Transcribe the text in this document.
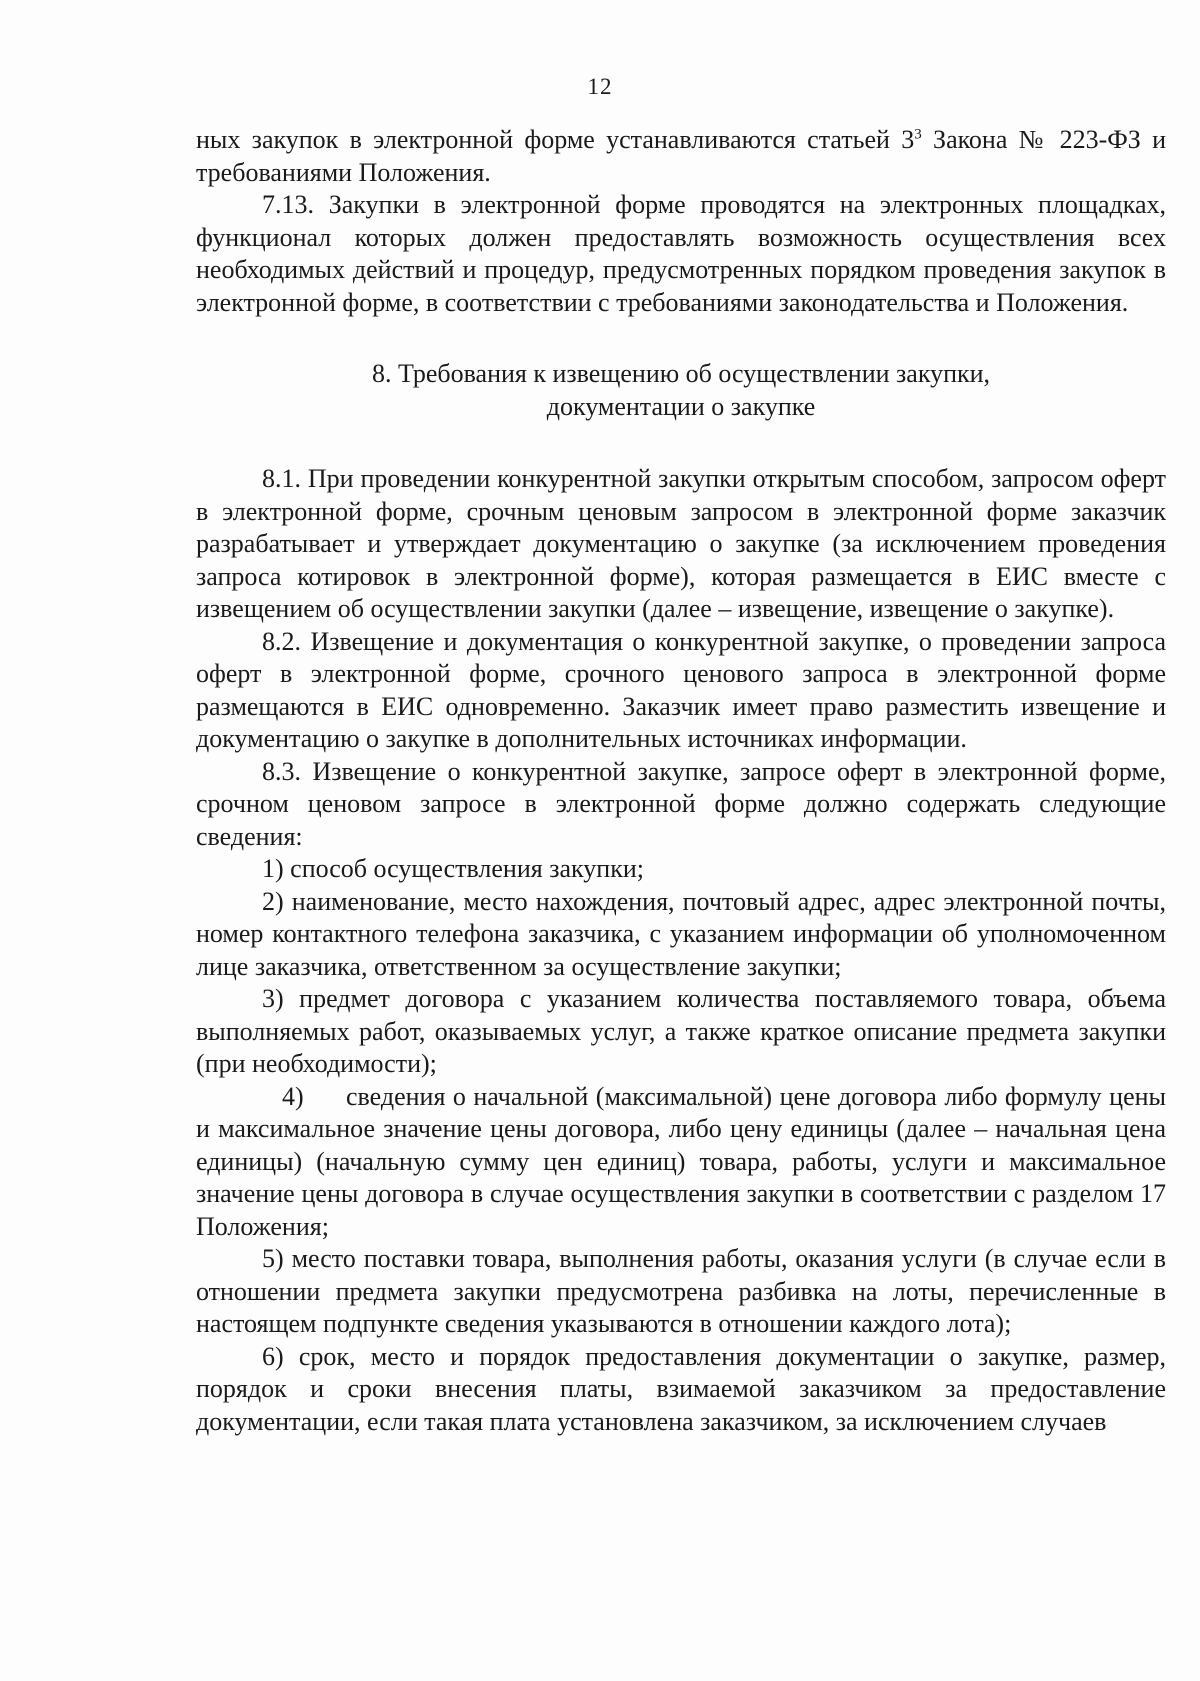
12

ных закупок в электронной форме устанавливаются статьей $3^3$ Закона № 223-ФЗ и требованиями Положения.

7.13. Закупки в электронной форме проводятся на электронных площадках, функционал которых должен предоставлять возможность осуществления всех необходимых действий и процедур, предусмотренных порядком проведения закупок в электронной форме, в соответствии с требованиями законодательства и Положения.

8. Требования к извещению об осуществлении закупки,
документации о закупке

8.1. При проведении конкурентной закупки открытым способом, запросом оферт в электронной форме, срочным ценовым запросом в электронной форме заказчик разрабатывает и утверждает документацию о закупке (за исключением проведения запроса котировок в электронной форме), которая размещается в ЕИС вместе с извещением об осуществлении закупки (далее – извещение, извещение о закупке).

8.2. Извещение и документация о конкурентной закупке, о проведении запроса оферт в электронной форме, срочного ценового запроса в электронной форме размещаются в ЕИС одновременно. Заказчик имеет право разместить извещение и документацию о закупке в дополнительных источниках информации.

8.3. Извещение о конкурентной закупке, запросе оферт в электронной форме, срочном ценовом запросе в электронной форме должно содержать следующие сведения:

1) способ осуществления закупки;

2) наименование, место нахождения, почтовый адрес, адрес электронной почты, номер контактного телефона заказчика, с указанием информации об уполномоченном лице заказчика, ответственном за осуществление закупки;

3) предмет договора с указанием количества поставляемого товара, объема выполняемых работ, оказываемых услуг, а также краткое описание предмета закупки (при необходимости);

4) сведения о начальной (максимальной) цене договора либо формулу цены и максимальное значение цены договора, либо цену единицы (далее – начальная цена единицы) (начальную сумму цен единиц) товара, работы, услуги и максимальное значение цены договора в случае осуществления закупки в соответствии с разделом 17 Положения;

5) место поставки товара, выполнения работы, оказания услуги (в случае если в отношении предмета закупки предусмотрена разбивка на лоты, перечисленные в настоящем подпункте сведения указываются в отношении каждого лота);

6) срок, место и порядок предоставления документации о закупке, размер, порядок и сроки внесения платы, взимаемой заказчиком за предоставление документации, если такая плата установлена заказчиком, за исключением случаев
